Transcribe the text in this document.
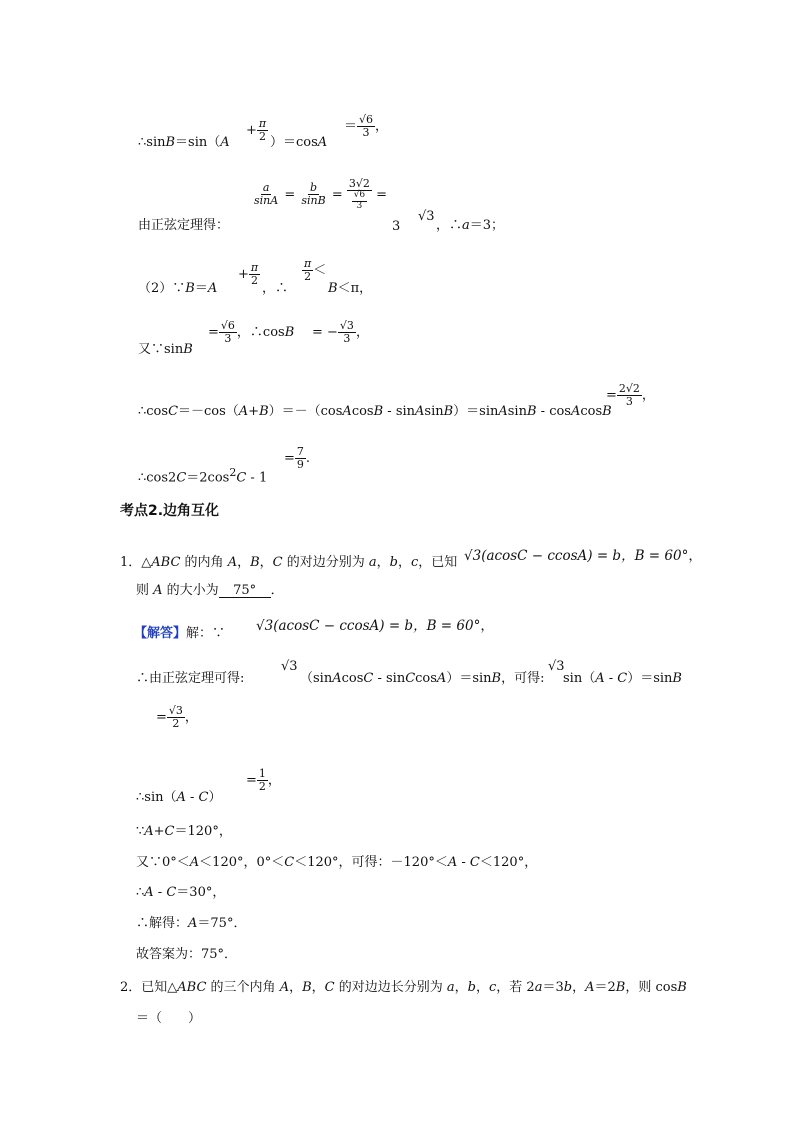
∴sinB＝sin（A
+ $\frac{\pi}{2} )=\cos A$
＝ $\frac{√6}{3}$ ，
$\frac{a}{\sin A} = \frac{b}{\sin B} = \frac{3√2}{\frac{√6}{3}}$ =
由正弦定理得：	3
√3
，∴a＝3；
（2）∵B＝A
+ $\frac{\pi}{2}$
，∴
$\frac{\pi}{2}$ ＜
B＜π，
又∵sinB
= $\frac{√6}{3}$ ，∴cosB = − $\frac{√3}{3}$ ，
∴cosC＝－cos（A+B）＝－（cosAcosB - sinAsinB）＝sinAsinB - cosAcosB
= $\frac{2√2}{3}$ ，
$\therefore\cos 2C=2\cos^2C - 1$
= $\frac{7}{9}$ .
考点2.边角互化
1．△ABC 的内角 A，B，C 的对边分别为 a，b，c，已知 √3(acosC − ccosA) = b，B = 60°，
则 A 的大小为 75° ．
【解答】解：∵ √3(acosC − ccosA) = b，B = 60°，
∴由正弦定理可得:
√3
（sinAcosC - sinCcosA）＝sinB，可得:
√3
sin（A - C）＝sinB
= $\frac{√3}{2}$ ，
∴sin（A - C）
= $\frac{1}{2}$ ，
∵A+C＝120°，
又∵0°＜A＜120°，0°＜C＜120°，可得：－120°＜A - C＜120°，
∴A - C＝30°，
∴解得：A＝75°．
故答案为：75°．
2．已知△ABC 的三个内角 A，B，C 的对边边长分别为 a，b，c，若 2a＝3b，A＝2B，则 cosB
＝（　　）
